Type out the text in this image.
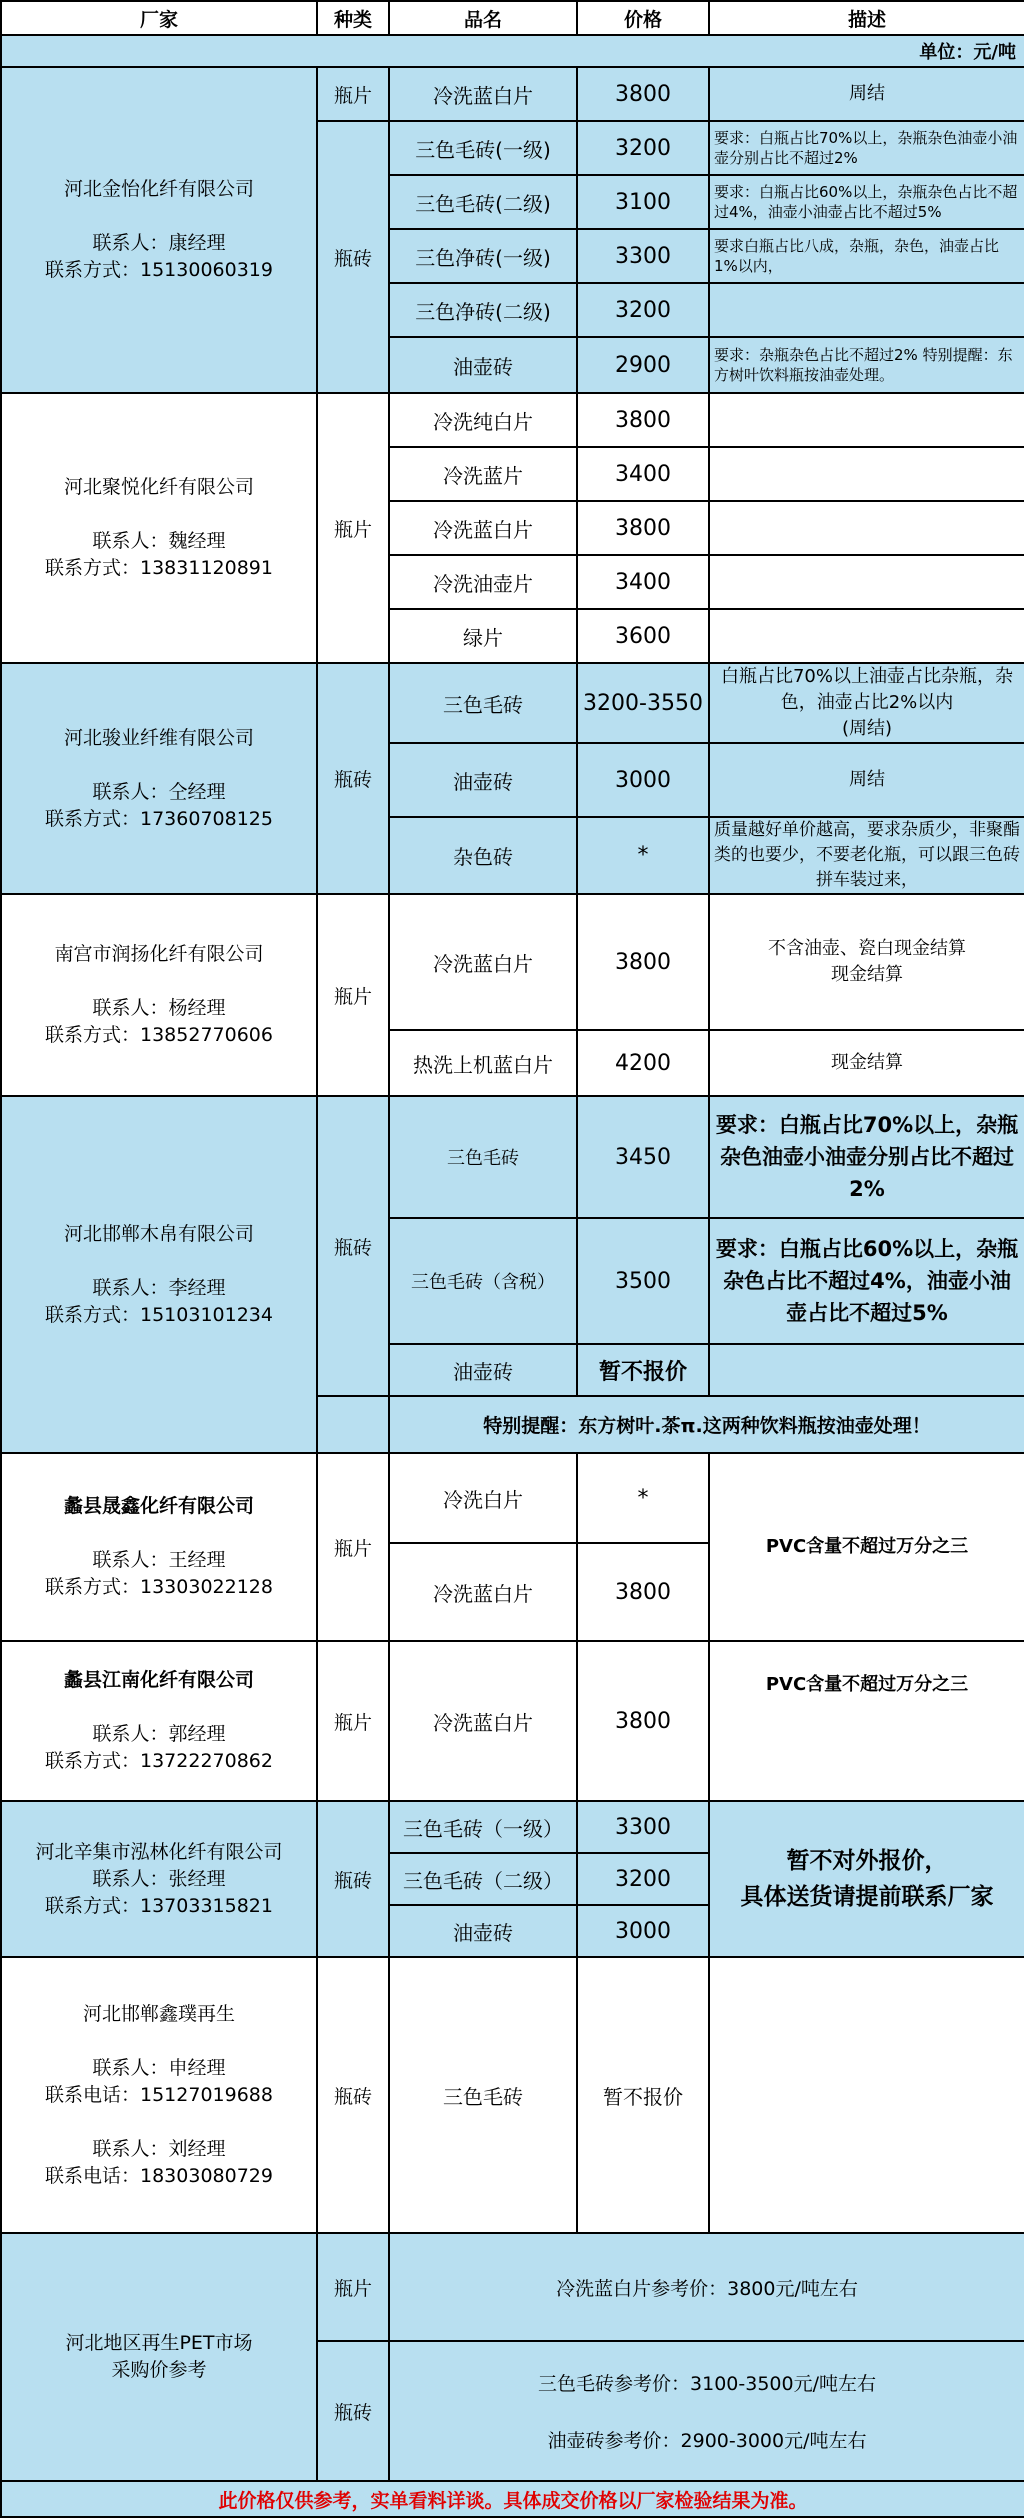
厂家	种类	品名	价格	描述
单位：元/吨				

河北金怡化纤有限公司
联系人：康经理
联系方式：15130060319	瓶片	冷洗蓝白片	3800	周结
	瓶砖	三色毛砖(一级)	3200	要求：白瓶占比70%以上，杂瓶杂色油壶小油壶分别占比不超过2%
		三色毛砖(二级)	3100	要求：白瓶占比60%以上，杂瓶杂色占比不超过4%，油壶小油壶占比不超过5%
		三色净砖(一级)	3300	要求白瓶占比八成，杂瓶，杂色，油壶占比1%以内，
		三色净砖(二级)	3200	
		油壶砖	2900	要求：杂瓶杂色占比不超过2% 特别提醒：东方树叶饮料瓶按油壶处理。

河北聚悦化纤有限公司
联系人：魏经理
联系方式：13831120891	瓶片	冷洗纯白片	3800	
		冷洗蓝片	3400	
		冷洗蓝白片	3800	
		冷洗油壶片	3400	
		绿片	3600	

河北骏业纤维有限公司
联系人：仝经理
联系方式：17360708125	瓶砖	三色毛砖	3200-3550	白瓶占比70%以上油壶占比杂瓶，杂色，油壶占比2%以内
(周结)

		油壶砖	3000	周结
		杂色砖	*	质量越好单价越高，要求杂质少，非聚酯类的也要少，不要老化瓶，可以跟三色砖拼车装过来，

南宫市润扬化纤有限公司
联系人：杨经理
联系方式：13852770606	瓶片	冷洗蓝白片	3800	不含油壶、瓷白现金结算
现金结算

		热洗上机蓝白片	4200	现金结算

河北邯郸木帛有限公司
联系人：李经理
联系方式：15103101234	瓶砖	三色毛砖	3450	要求：白瓶占比70%以上，杂瓶杂色油壶小油壶分别占比不超过2%
		三色毛砖（含税）	3500	要求：白瓶占比60%以上，杂瓶杂色占比不超过4%，油壶小油壶占比不超过5%
		油壶砖	暂不报价	
		特别提醒：东方树叶.茶π.这两种饮料瓶按油壶处理！		

蠡县晟鑫化纤有限公司
联系人：王经理
联系方式：13303022128	瓶片	冷洗白片	*	PVC含量不超过万分之三
		冷洗蓝白片	3800	

蠡县江南化纤有限公司
联系人：郭经理
联系方式：13722270862	瓶片	冷洗蓝白片	3800	PVC含量不超过万分之三

河北辛集市泓林化纤有限公司
联系人：张经理
联系方式：13703315821	瓶砖	三色毛砖（一级）	3300	暂不对外报价，
具体送货请提前联系厂家

		三色毛砖（二级）	3200	
		油壶砖	3000	

河北邯郸鑫璞再生
联系人：申经理
联系电话：15127019688
联系人：刘经理
联系电话：18303080729	瓶砖	三色毛砖	暂不报价	

河北地区再生PET市场
采购价参考	瓶片	冷洗蓝白片参考价：3800元/吨左右		
	瓶砖	三色毛砖参考价：3100-3500元/吨左右
油壶砖参考价：2900-3000元/吨左右		

此价格仅供参考，实单看料详谈。具体成交价格以厂家检验结果为准。				
